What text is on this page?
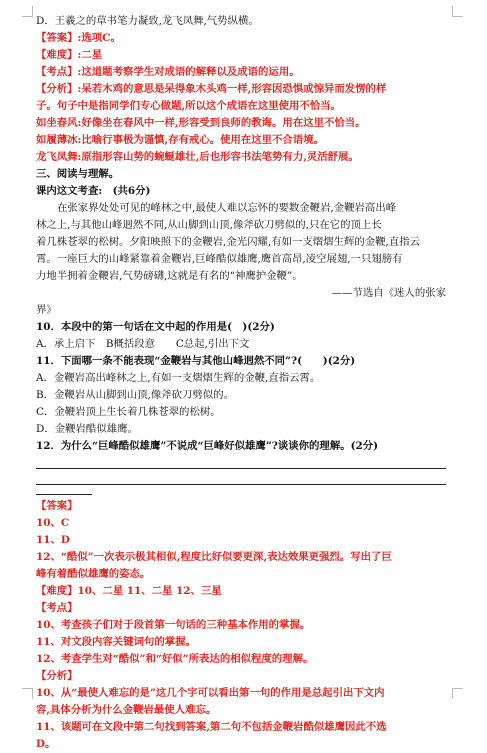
D．王羲之的草书笔力凝致,龙飞凤舞,气势纵横。
【答案】:选项C。
【难度】:二星
【考点】:这道题考察学生对成语的解释以及成语的运用。
【分析】:呆若木鸡的意思是呆得象木头鸡一样,形容因恐惧或惊异而发愣的样
子。句子中是指同学们专心做题,所以这个成语在这里使用不恰当。
如坐春风:好像坐在春风中一样,形容受到良师的教诲。用在这里不恰当。
如履薄冰:比喻行事极为谨慎,存有戒心。使用在这里不合语境。
龙飞凤舞:原指形容山势的蜿蜒雄壮,后也形容书法笔势有力,灵活舒展。
三、阅读与理解。
课内这文考查:　(共6分)
在张家界处处可见的峰林之中,最使人难以忘怀的要数金鞭岩,金鞭岩高出峰
林之上,与其他山峰迥然不同,从山脚到山顶,像斧砍刀劈似的,只在它的顶上长
着几株苍翠的松树。夕阳映照下的金鞭岩,金光闪耀,有如一支熠熠生辉的金鞭,直指云
霄。一座巨大的山峰紧靠着金鞭岩,巨峰酷似雄鹰,鹰首高昂,凌空展翅,一只翅膀有
力地半拥着金鞭岩,气势磅礴,这就是有名的“神鹰护金鞭”。
——节选自《迷人的张家
界》
10．本段中的第一句话在文中起的作用是(　)(2分)
A．承上启下　B概括段意　　C总起,引出下文
11．下面哪一条不能表现“金鞭岩与其他山峰迥然不同”?(　　)(2分)
A．金鞭岩高出峰林之上,有如一支熠熠生辉的金鞭,直指云霄。
B．金鞭岩从山脚到山顶,像斧砍刀劈似的。
C．金鞭岩顶上生长着几株苍翠的松树。
D．金鞭岩酷似雄鹰。
12．为什么“巨峰酷似雄鹰”不说成“巨峰好似雄鹰”?谈谈你的理解。(2分)
【答案】
10、C
11、D
12、“酷似”一次表示极其相似,程度比好似要更深,表达效果更强烈。写出了巨
峰有着酷似雄鹰的姿态。
【难度】10、二星 11、二星 12、三星
【考点】
10、考查孩子们对于段首第一句话的三种基本作用的掌握。
11、对文段内容关键词句的掌握。
12、考查学生对“酷似”和“好似”所表达的相似程度的理解。
【分析】
10、从“最使人难忘的是”这几个字可以看出第一句的作用是总起引出下文内
容,具体分析为什么金鞭岩最使人难忘。
11、该题可在文段中第二句找到答案,第二句不包括金鞭岩酷似雄鹰因此不选
D。
